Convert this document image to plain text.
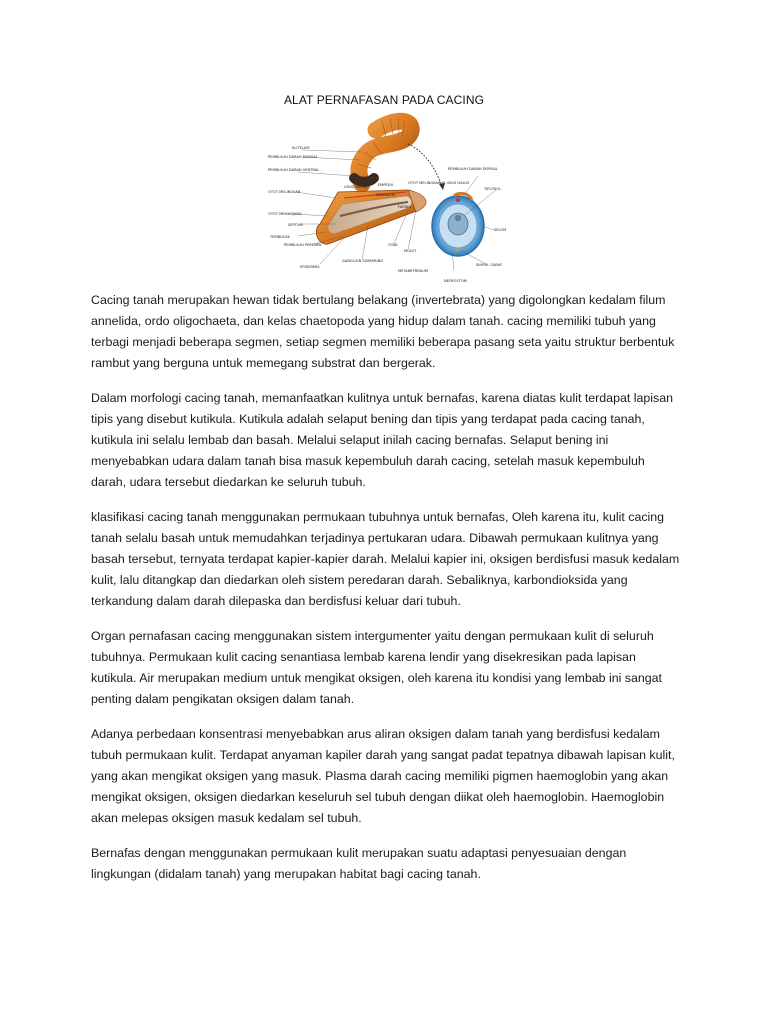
ALAT PERNAFASAN PADA CACING
KLITELUM
PEMBULUH DARAH DORSAL
PEMBULUH DARAH VENTRAL
OTOT MELINGKAR
OTOT MEMANJANG
SEPTUM
TEMBOLOK
PEMBULUH PERENPA
EPIDERMIS
GANGLION SUBFARING
OTAK
MULUT
USUS HALUS	EMPEDU
ESOFAGUS
FARING
PEMBULUH DARAH DORSAL
TIFLOSOL
OTOT MELINGKAR DI USUS HALUS
SELOM
SIMPUL SARAF
METANEFRIDIUM
NEFROSTOM

Cacing tanah merupakan hewan tidak bertulang belakang (invertebrata) yang digolongkan kedalam filum annelida, ordo oligochaeta, dan kelas chaetopoda yang hidup dalam tanah. cacing memiliki tubuh yang terbagi menjadi beberapa segmen, setiap segmen memiliki beberapa pasang seta yaitu struktur berbentuk rambut yang berguna untuk memegang substrat dan bergerak.

Dalam morfologi cacing tanah, memanfaatkan kulitnya untuk bernafas, karena diatas kulit terdapat lapisan tipis yang disebut kutikula. Kutikula adalah selaput bening dan tipis yang terdapat pada cacing tanah, kutikula ini selalu lembab dan basah. Melalui selaput inilah cacing bernafas. Selaput bening ini menyebabkan udara dalam tanah bisa masuk kepembuluh darah cacing, setelah masuk kepembuluh darah, udara tersebut diedarkan ke seluruh tubuh.

klasifikasi cacing tanah menggunakan permukaan tubuhnya untuk bernafas, Oleh karena itu, kulit cacing tanah selalu basah untuk memudahkan terjadinya pertukaran udara. Dibawah permukaan kulitnya yang basah tersebut, ternyata terdapat kapier-kapier darah. Melalui kapier ini, oksigen berdisfusi masuk kedalam kulit, lalu ditangkap dan diedarkan oleh sistem peredaran darah. Sebaliknya, karbondioksida yang terkandung dalam darah dilepaska dan berdisfusi keluar dari tubuh.

Organ pernafasan cacing menggunakan sistem intergumenter yaitu dengan permukaan kulit di seluruh tubuhnya. Permukaan kulit cacing senantiasa lembab karena lendir yang disekresikan pada lapisan kutikula. Air merupakan medium untuk mengikat oksigen, oleh karena itu kondisi yang lembab ini sangat penting dalam pengikatan oksigen dalam tanah.

Adanya perbedaan konsentrasi menyebabkan arus aliran oksigen dalam tanah yang berdisfusi kedalam tubuh permukaan kulit. Terdapat anyaman kapiler darah yang sangat padat tepatnya dibawah lapisan kulit, yang akan mengikat oksigen yang masuk. Plasma darah cacing memiliki pigmen haemoglobin yang akan mengikat oksigen, oksigen diedarkan keseluruh sel tubuh dengan diikat oleh haemoglobin. Haemoglobin akan melepas oksigen masuk kedalam sel tubuh.

Bernafas dengan menggunakan permukaan kulit merupakan suatu adaptasi penyesuaian dengan lingkungan (didalam tanah) yang merupakan habitat bagi cacing tanah.
